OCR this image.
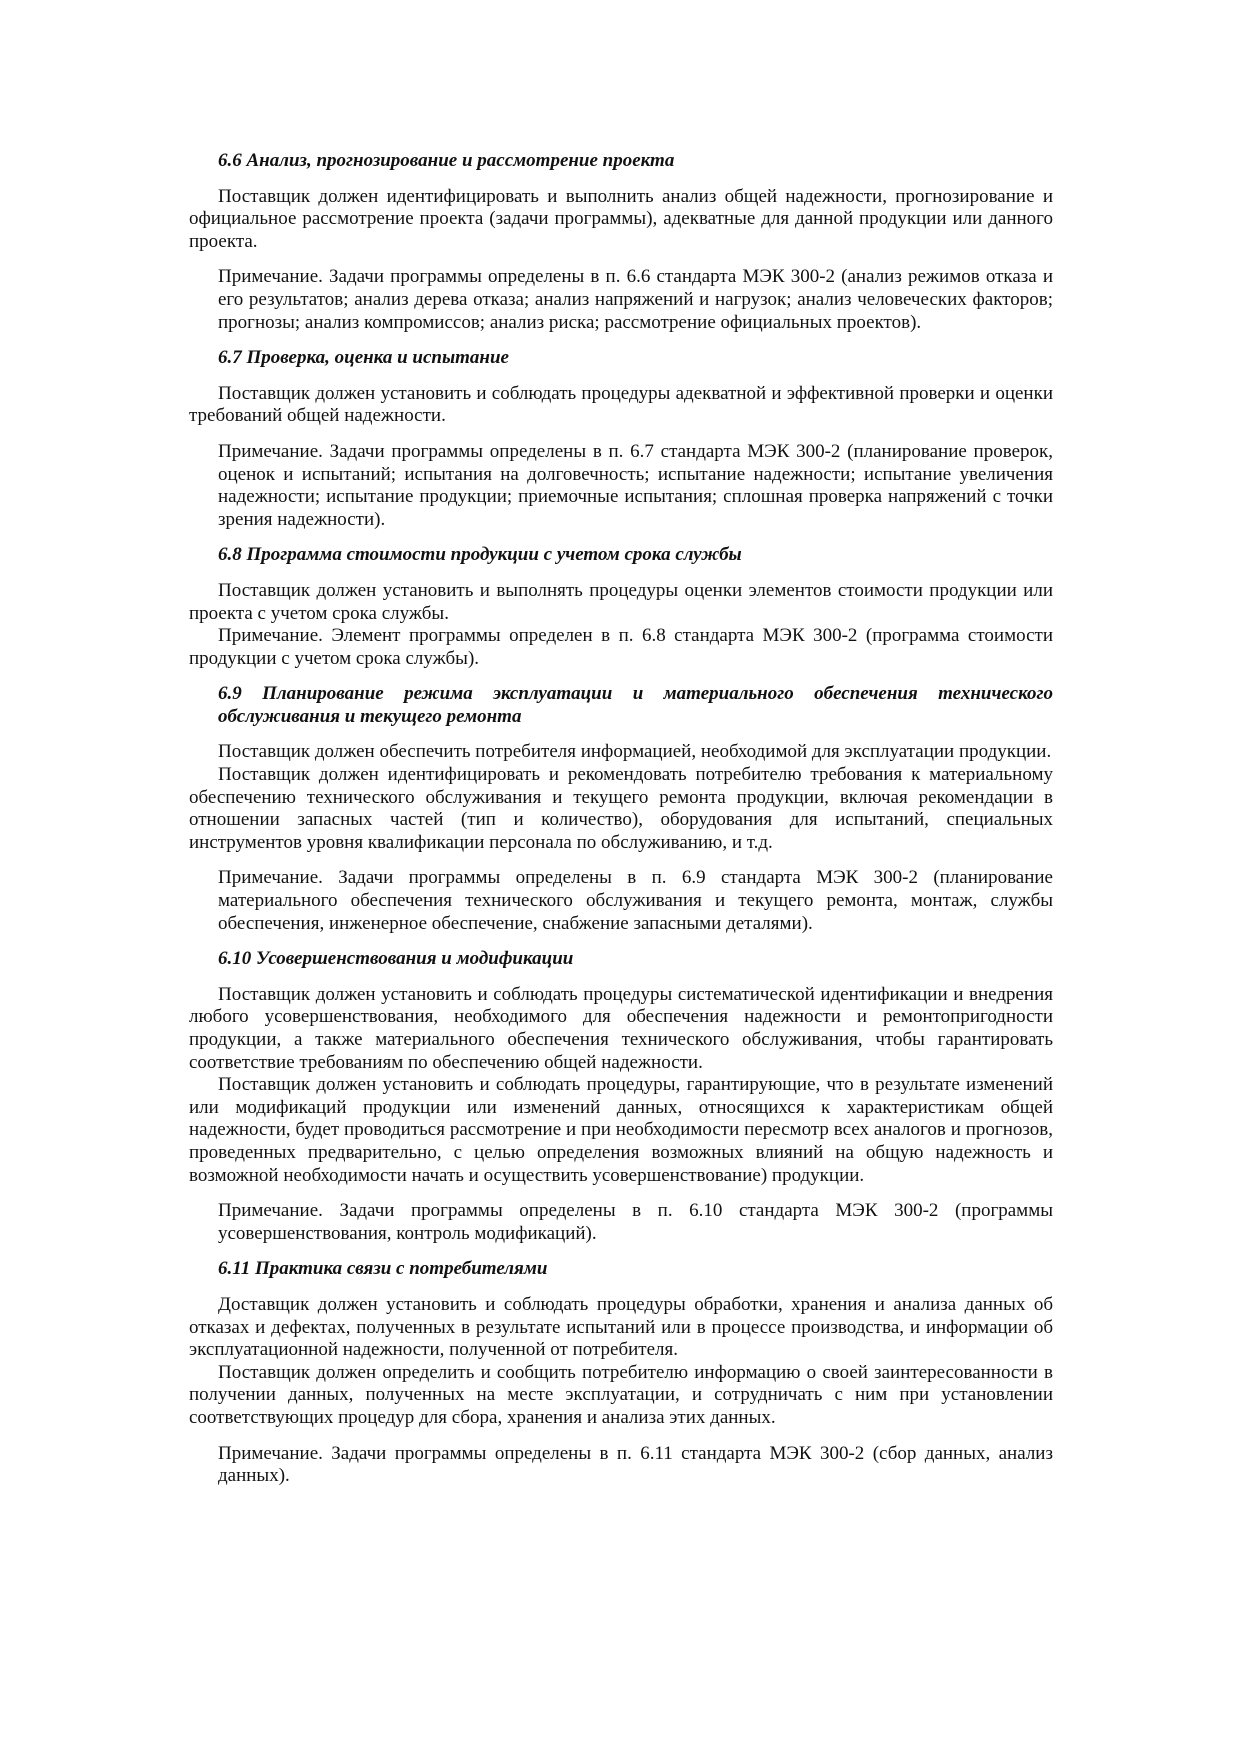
6.6 Анализ, прогнозирование и рассмотрение проекта

Поставщик должен идентифицировать и выполнить анализ общей надежности, прогнозирование и официальное рассмотрение проекта (задачи программы), адекватные для данной продукции или данного проекта.

Примечание. Задачи программы определены в п. 6.6 стандарта МЭК 300-2 (анализ режимов отказа и его результатов; анализ дерева отказа; анализ напряжений и нагрузок; анализ человеческих факторов; прогнозы; анализ компромиссов; анализ риска; рассмотрение официальных проектов).

6.7 Проверка, оценка и испытание

Поставщик должен установить и соблюдать процедуры адекватной и эффективной проверки и оценки требований общей надежности.

Примечание. Задачи программы определены в п. 6.7 стандарта МЭК 300-2 (планирование проверок, оценок и испытаний; испытания на долговечность; испытание надежности; испытание увеличения надежности; испытание продукции; приемочные испытания; сплошная проверка напряжений с точки зрения надежности).

6.8 Программа стоимости продукции с учетом срока службы

Поставщик должен установить и выполнять процедуры оценки элементов стоимости продукции или проекта с учетом срока службы.

Примечание. Элемент программы определен в п. 6.8 стандарта МЭК 300-2 (программа стоимости продукции с учетом срока службы).

6.9 Планирование режима эксплуатации и материального обеспечения технического обслуживания и текущего ремонта

Поставщик должен обеспечить потребителя информацией, необходимой для эксплуатации продукции.

Поставщик должен идентифицировать и рекомендовать потребителю требования к материальному обеспечению технического обслуживания и текущего ремонта продукции, включая рекомендации в отношении запасных частей (тип и количество), оборудования для испытаний, специальных инструментов уровня квалификации персонала по обслуживанию, и т.д.

Примечание. Задачи программы определены в п. 6.9 стандарта МЭК 300-2 (планирование материального обеспечения технического обслуживания и текущего ремонта, монтаж, службы обеспечения, инженерное обеспечение, снабжение запасными деталями).

6.10 Усовершенствования и модификации

Поставщик должен установить и соблюдать процедуры систематической идентификации и внедрения любого усовершенствования, необходимого для обеспечения надежности и ремонтопригодности продукции, а также материального обеспечения технического обслуживания, чтобы гарантировать соответствие требованиям по обеспечению общей надежности.

Поставщик должен установить и соблюдать процедуры, гарантирующие, что в результате изменений или модификаций продукции или изменений данных, относящихся к характеристикам общей надежности, будет проводиться рассмотрение и при необходимости пересмотр всех аналогов и прогнозов, проведенных предварительно, с целью определения возможных влияний на общую надежность и возможной необходимости начать и осуществить усовершенствование) продукции.

Примечание. Задачи программы определены в п. 6.10 стандарта МЭК 300-2 (программы усовершенствования, контроль модификаций).

6.11 Практика связи с потребителями

Доставщик должен установить и соблюдать процедуры обработки, хранения и анализа данных об отказах и дефектах, полученных в результате испытаний или в процессе производства, и информации об эксплуатационной надежности, полученной от потребителя.

Поставщик должен определить и сообщить потребителю информацию о своей заинтересованности в получении данных, полученных на месте эксплуатации, и сотрудничать с ним при установлении соответствующих процедур для сбора, хранения и анализа этих данных.

Примечание. Задачи программы определены в п. 6.11 стандарта МЭК 300-2 (сбор данных, анализ данных).
